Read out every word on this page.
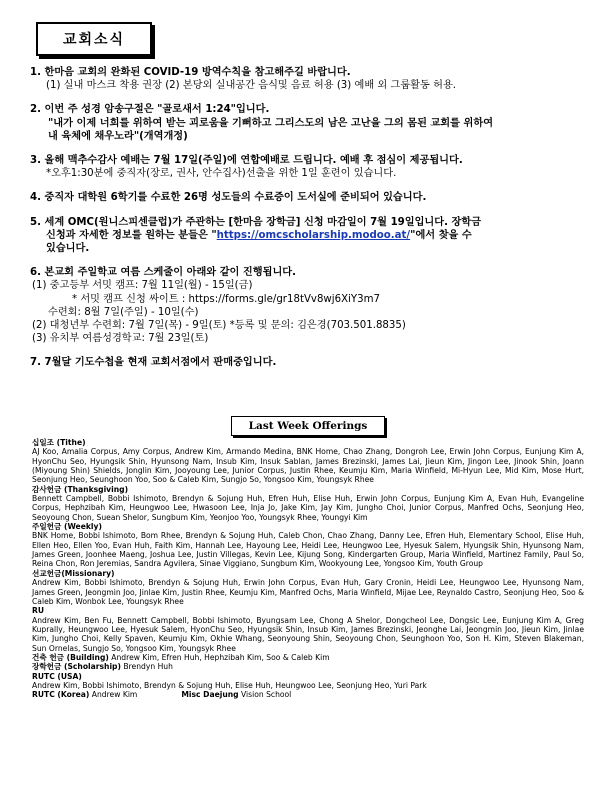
교회소식
1. 한마음 교회의 완화된 COVID-19 방역수칙을 참고해주길 바랍니다.
(1) 실내 마스크 착용 권장 (2) 본당외 실내공간 음식및 음료 허용 (3) 예배 외 그룹활동 허용.
2. 이번 주 성경 암송구절은 "골로새서 1:24"입니다.
"내가 이제 너희를 위하여 받는 괴로움을 기뻐하고 그리스도의 남은 고난을 그의 몸된 교회를 위하여
내 육체에 채우노라"(개역개정)
3. 올해 맥추수감사 예배는 7월 17일(주일)에 연합예배로 드립니다. 예배 후 점심이 제공됩니다.
*오후1:30분에 중직자(장로, 권사, 안수집사)선출을 위한 1일 훈련이 있습니다.
4. 중직자 대학원 6학기를 수료한 26명 성도들의 수료증이 도서실에 준비되어 있습니다.
5. 세계 OMC(원니스피센클럽)가 주관하는 [한마음 장학금] 신청 마감일이 7월 19일입니다. 장학금
신청과 자세한 정보를 원하는 분들은 "https://omcscholarship.modoo.at/"에서 찾을 수
있습니다.
6. 본교회 주일학교 여름 스케줄이 아래와 같이 진행됩니다.
(1) 중고등부 서밋 캠프: 7월 11일(월) - 15일(금)
* 서밋 캠프 신청 싸이트 : https://forms.gle/gr18tVv8wj6XiY3m7
수련회: 8월 7일(주일) - 10일(수)
(2) 대청년부 수련회: 7월 7일(목) - 9일(토) *등록 및 문의: 김은경(703.501.8835)
(3) 유치부 여름성경학교: 7월 23일(토)
7. 7월달 기도수첩을 현재 교회서점에서 판매중입니다.
Last Week Offerings
십일조 (Tithe)
AJ Koo, Amalia Corpus, Amy Corpus, Andrew Kim, Armando Medina, BNK Home, Chao Zhang, Dongroh Lee, Erwin John Corpus, Eunjung Kim A, HyonChu Seo, Hyungsik Shin, Hyunsong Nam, Insub Kim, Insuk Sablan, James Brezinski, James Lai, Jieun Kim, Jingon Lee, Jinook Shin, Joann (Miyoung Shin) Shields, Jonglin Kim, Jooyoung Lee, Junior Corpus, Justin Rhee, Keumju Kim, Maria Winfield, Mi-Hyun Lee, Mid Kim, Mose Hurt, Seonjung Heo, Seunghoon Yoo, Soo & Caleb Kim, Sungjo So, Yongsoo Kim, Youngsyk Rhee
감사헌금 (Thanksgiving)
Bennett Campbell, Bobbi Ishimoto, Brendyn & Sojung Huh, Efren Huh, Elise Huh, Erwin John Corpus, Eunjung Kim A, Evan Huh, Evangeline Corpus, Hephzibah Kim, Heungwoo Lee, Hwasoon Lee, Inja Jo, Jake Kim, Jay Kim, Jungho Choi, Junior Corpus, Manfred Ochs, Seonjung Heo, Seoyoung Chon, Suean Shelor, Sungbum Kim, Yeonjoo Yoo, Youngsyk Rhee, Youngyi Kim
주일헌금 (Weekly)
BNK Home, Bobbi Ishimoto, Bom Rhee, Brendyn & Sojung Huh, Caleb Chon, Chao Zhang, Danny Lee, Efren Huh, Elementary School, Elise Huh, Ellen Heo, Ellen Yoo, Evan Huh, Faith Kim, Hannah Lee, Hayoung Lee, Heidi Lee, Heungwoo Lee, Hyesuk Salem, Hyungsik Shin, Hyunsong Nam, James Green, Joonhee Maeng, Joshua Lee, Justin Villegas, Kevin Lee, Kijung Song, Kindergarten Group, Maria Winfield, Martinez Family, Paul So, Reina Chon, Ron Jeremias, Sandra Agvilera, Sinae Viggiano, Sungbum Kim, Wookyoung Lee, Yongsoo Kim, Youth Group
선교헌금(Missionary)
Andrew Kim, Bobbi Ishimoto, Brendyn & Sojung Huh, Erwin John Corpus, Evan Huh, Gary Cronin, Heidi Lee, Heungwoo Lee, Hyunsong Nam, James Green, Jeongmin Joo, Jinlae Kim, Justin Rhee, Keumju Kim, Manfred Ochs, Maria Winfield, Mijae Lee, Reynaldo Castro, Seonjung Heo, Soo & Caleb Kim, Wonbok Lee, Youngsyk Rhee
RU
Andrew Kim, Ben Fu, Bennett Campbell, Bobbi Ishimoto, Byungsam Lee, Chong A Shelor, Dongcheol Lee, Dongsic Lee, Eunjung Kim A, Greg Kuprally, Heungwoo Lee, Hyesuk Salem, HyonChu Seo, Hyungsik Shin, Insub Kim, James Brezinski, Jeonghe Lai, Jeongmin Joo, Jieun Kim, Jinlae Kim, Jungho Choi, Kelly Spaven, Keumju Kim, Okhie Whang, Seonyoung Shin, Seoyoung Chon, Seunghoon Yoo, Son H. Kim, Steven Blakeman, Sun Ornelas, Sungjo So, Yongsoo Kim, Youngsyk Rhee
건축 헌금 (Building) Andrew Kim, Efren Huh, Hephzibah Kim, Soo & Caleb Kim
장학헌금 (Scholarship) Brendyn Huh
RUTC (USA)
Andrew Kim, Bobbi Ishimoto, Brendyn & Sojung Huh, Elise Huh, Heungwoo Lee, Seonjung Heo, Yuri Park
RUTC (Korea) Andrew Kim	Misc Daejung Vision School
